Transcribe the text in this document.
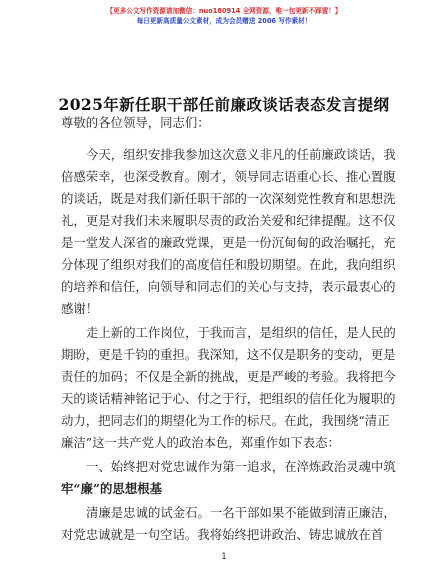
【更多公文写作资源请加微信：nuo180914 全网资源，唯一包更新不踩雷！】
每日更新高质量公文素材，成为会员赠送 2006 写作素材！
2025年新任职干部任前廉政谈话表态发言提纲
尊敬的各位领导，同志们：
今天，组织安排我参加这次意义非凡的任前廉政谈话，我
倍感荣幸，也深受教育。刚才，领导同志语重心长、推心置腹
的谈话，既是对我们新任职干部的一次深刻党性教育和思想洗
礼，更是对我们未来履职尽责的政治关爱和纪律提醒。这不仅
是一堂发人深省的廉政党课，更是一份沉甸甸的政治嘱托，充
分体现了组织对我们的高度信任和殷切期望。在此，我向组织
的培养和信任，向领导和同志们的关心与支持，表示最衷心的
感谢！
走上新的工作岗位，于我而言，是组织的信任，是人民的
期盼，更是千钧的重担。我深知，这不仅是职务的变动，更是
责任的加码；不仅是全新的挑战，更是严峻的考验。我将把今
天的谈话精神铭记于心、付之于行，把组织的信任化为履职的
动力，把同志们的期望化为工作的标尺。在此，我围绕“清正
廉洁”这一共产党人的政治本色，郑重作如下表态：
一、始终把对党忠诚作为第一追求，在淬炼政治灵魂中筑
牢“廉”的思想根基
清廉是忠诚的试金石。一名干部如果不能做到清正廉洁，
对党忠诚就是一句空话。我将始终把讲政治、铸忠诚放在首
1
